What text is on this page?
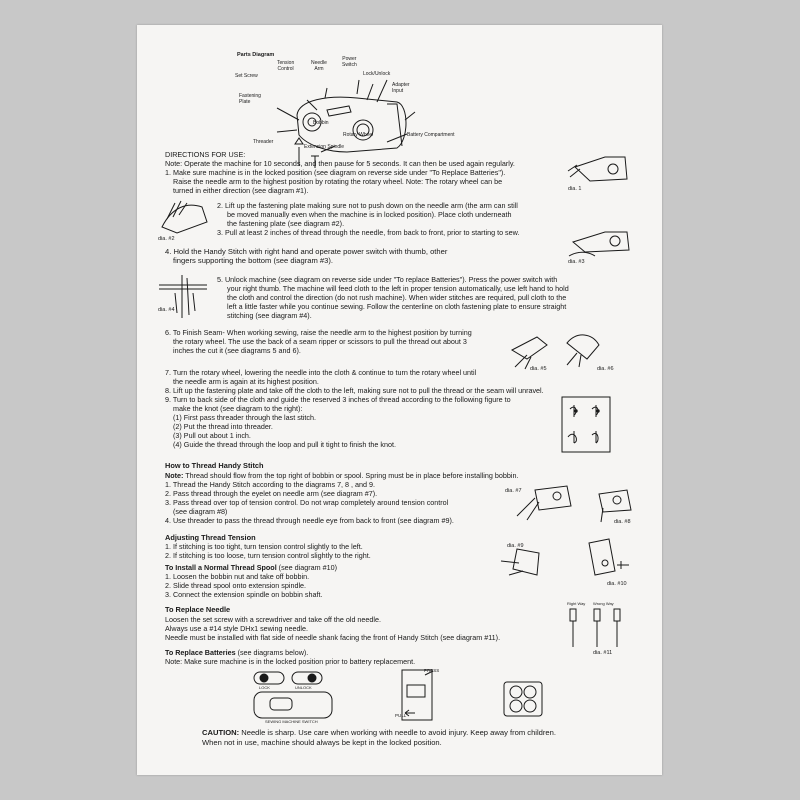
Parts Diagram
Tension
Control
Needle
Arm
Power
Switch
Lock/Unlock
Set Screw
Adapter
Input
Fastening
Plate
Bobbin
Rotary Wheel	Battery Compartment
Threader
Extension Spindle
DIRECTIONS FOR USE:
Note: Operate the machine for 10 seconds, and then pause for 5 seconds. It can then be used again regularly.
1. Make sure machine is in the locked position (see diagram on reverse side under "To Replace Batteries").
Raise the needle arm to the highest position by rotating the rotary wheel. Note: The rotary wheel can be
turned in either direction (see diagram #1).	dia. 1
dia. #2
2. Lift up the fastening plate making sure not to push down on the needle arm (the arm can still
be moved manually even when the machine is in locked position). Place cloth underneath
the fastening plate (see diagram #2).
3. Pull at least 2 inches of thread through the needle, from back to front, prior to starting to sew.
dia. #3
4. Hold the Handy Stitch with right hand and operate power switch with thumb, other
fingers supporting the bottom (see diagram #3).
dia. #4
5. Unlock machine (see diagram on reverse side under "To replace Batteries"). Press the power switch with
your right thumb. The machine will feed cloth to the left in proper tension automatically, use left hand to hold
the cloth and control the direction (do not rush machine). When wider stitches are required, pull cloth to the
left a little faster while you continue sewing. Follow the centerline on cloth fastening plate to ensure straight
stitching (see diagram #4).
6. To Finish Seam- When working sewing, raise the needle arm to the highest position by turning
the rotary wheel. The use the back of a seam ripper or scissors to pull the thread out about 3
inches the cut it (see diagrams 5 and 6).
dia. #5	dia. #6
7. Turn the rotary wheel, lowering the needle into the cloth & continue to turn the rotary wheel until
the needle arm is again at its highest position.
8. Lift up the fastening plate and take off the cloth to the left, making sure not to pull the thread or the seam will unravel.
9. Turn to back side of the cloth and guide the reserved 3 inches of thread according to the following figure to
make the knot (see diagram to the right):
(1) First pass threader through the last stitch.
(2) Put the thread into threader.
(3) Pull out about 1 inch.
(4) Guide the thread through the loop and pull it tight to finish the knot.
How to Thread Handy Stitch
Note: Thread should flow from the top right of bobbin or spool. Spring must be in place before installing bobbin.
1. Thread the Handy Stitch according to the diagrams 7, 8 , and 9.
2. Pass thread through the eyelet on needle arm (see diagram #7).
3. Pass thread over top of tension control. Do not wrap completely around tension control
(see diagram #8)
4. Use threader to pass the thread through needle eye from back to front (see diagram #9).
dia. #7
dia. #8
Adjusting Thread Tension
1. If stitching is too tight, turn tension control slightly to the left.
2. If stitching is too loose, turn tension control slightly to the right.
dia. #9
dia. #10
To Install a Normal Thread Spool (see diagram #10)
1. Loosen the bobbin nut and take off bobbin.
2. Slide thread spool onto extension spindle.
3. Connect the extension spindle on bobbin shaft.
To Replace Needle
Loosen the set screw with a screwdriver and take off the old needle.
Always use a #14 style DHx1 sewing needle.
Needle must be installed with flat side of needle shank facing the front of Handy Stitch (see diagram #11).
Right Way Wrong Way
dia. #11
To Replace Batteries (see diagrams below).
Note: Make sure machine is in the locked position prior to battery replacement.
LOCK	UNLOCK
SEWING MACHINE SWITCH
PRESS
PULL
CAUTION: Needle is sharp. Use care when working with needle to avoid injury. Keep away from children.
When not in use, machine should always be kept in the locked position.
